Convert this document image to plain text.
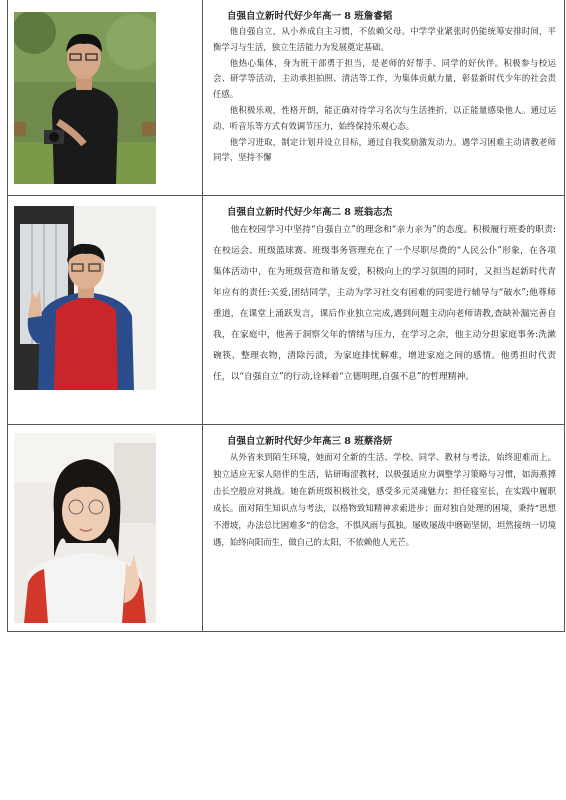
自强自立新时代好少年高一 8 班詹睿韬

他自强自立，从小养成自主习惯，不依赖父母。中学学业紧张时仍能统筹安排时间，平衡学习与生活，独立生活能力为发展奠定基础。

他热心集体，身为班干部勇于担当，是老师的好帮手、同学的好伙伴。积极参与校运会、研学等活动，主动承担拍照、清洁等工作，为集体贡献力量，彰显新时代少年的社会责任感。

他积极乐观，性格开朗，能正确对待学习名次与生活挫折，以正能量感染他人。通过运动、听音乐等方式有效调节压力，始终保持乐观心态。

他学习进取，制定计划并设立目标，通过自我奖励激发动力。遇学习困难主动请教老师同学，坚持不懈

自强自立新时代好少年高二 8 班翁志杰

他在校园学习中坚持“自强自立”的理念和“亲力亲为”的态度。积极履行班委的职责:在校运会、班级篮球赛、班级事务管理充在了一个尽职尽费的“人民公仆”形象，在各项集体活动中，在为班级营造和谐友爱，积极向上的学习氛围的同时，又担当起新时代青年应有的责任:关爱,团结同学，主动为学习社交有困难的同雯进行辅导与“破水”;他尊师重道，在课堂上涌跃发言，课后作业独立完成,遇到问题主动向老师请教,查缺补漏完善自我，在家庭中，他善于洞察父年的情绪与压力，在学习之余，他主动分担家庭事务:洗漱碗筷、整理衣物，清除污渍，为家庭排忧解难，增进家庭之间的感情。他勇担时代责任，以“自强自立”的行动,诠释着“立德明理,自强不息”的哲理精神。

自强自立新时代好少年高三 8 班蔡洛妍

从外省来到陌生环境，她面对全新的生活、学校、同学、教材与考法，始终迎难而上。独立适应无家人陪伴的生活，钻研晦涩教材，以极强适应力调整学习策略与习惯，如海燕搏击长空般应对挑战。她在新班级积极社交，感受多元灵魂魅力；担任寝室长，在实践中履职成长。面对陌生知识点与考法，以格物致知精神求索进步；面对独自处理的困境，秉持“思想不滑坡，办法总比困难多”的信念，不惧风雨与孤独。屡败屡战中磨砺坚韧，坦然接纳一切境遇，始终向阳而生，做自己的太阳，不依赖他人光芒。
